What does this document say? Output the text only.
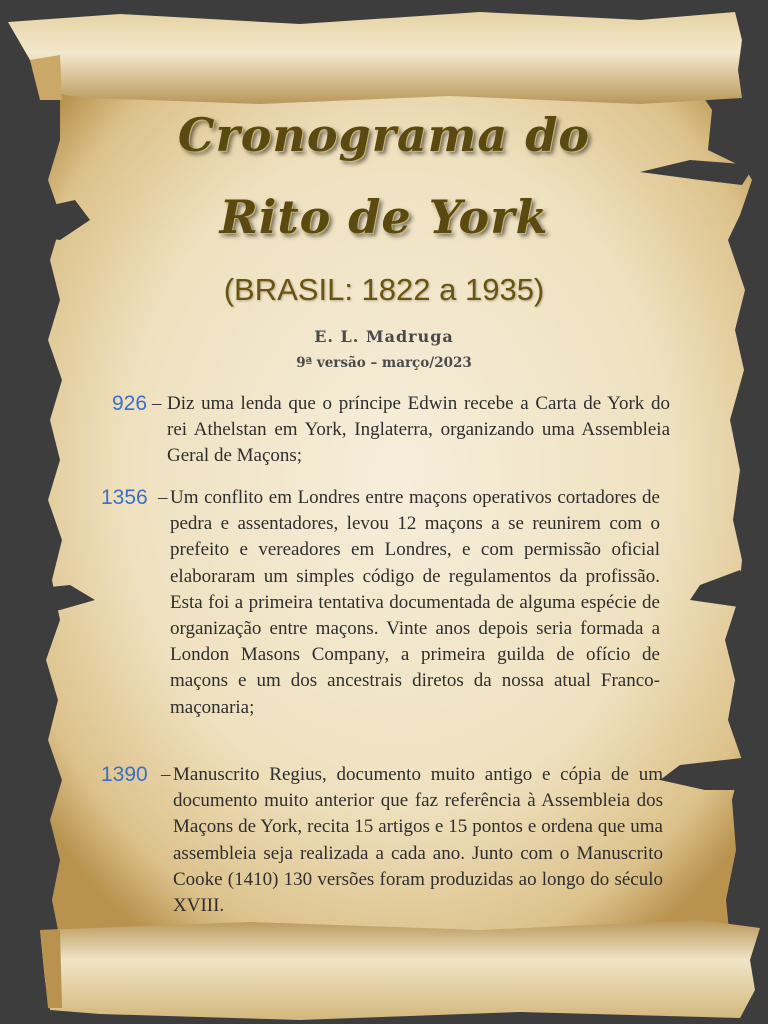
Cronograma do
Rito de York
(BRASIL: 1822 a 1935)
E. L. Madruga
9ª versão – março/2023
926 – Diz uma lenda que o príncipe Edwin recebe a Carta de York do rei Athelstan em York, Inglaterra, organizando uma Assembleia Geral de Maçons;
1356 – Um conflito em Londres entre maçons operativos cortadores de pedra e assentadores, levou 12 maçons a se reunirem com o prefeito e vereadores em Londres, e com permissão oficial elaboraram um simples código de regulamentos da profissão. Esta foi a primeira tentativa documentada de alguma espécie de organização entre maçons. Vinte anos depois seria formada a London Masons Company, a primeira guilda de ofício de maçons e um dos ancestrais diretos da nossa atual Franco-maçonaria;
1390 – Manuscrito Regius, documento muito antigo e cópia de um documento muito anterior que faz referência à Assembleia dos Maçons de York, recita 15 artigos e 15 pontos e ordena que uma assembleia seja realizada a cada ano. Junto com o Manuscrito Cooke (1410) 130 versões foram produzidas ao longo do século XVIII.
